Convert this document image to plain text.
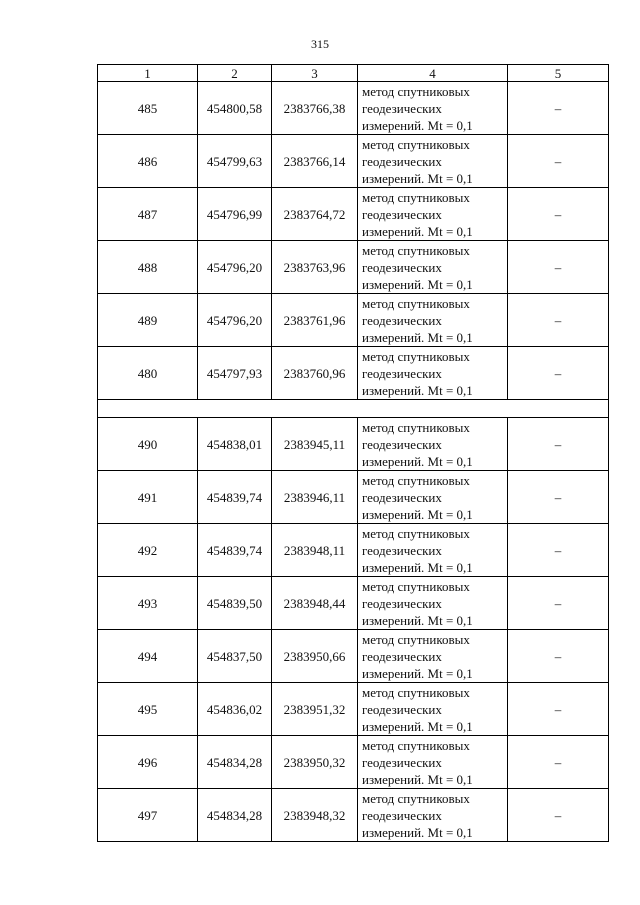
315
1	2	3	4	5
485	454800,58	2383766,38	метод спутниковых
геодезических
измерений. Mt = 0,1	–
486	454799,63	2383766,14	метод спутниковых
геодезических
измерений. Mt = 0,1	–
487	454796,99	2383764,72	метод спутниковых
геодезических
измерений. Mt = 0,1	–
488	454796,20	2383763,96	метод спутниковых
геодезических
измерений. Mt = 0,1	–
489	454796,20	2383761,96	метод спутниковых
геодезических
измерений. Mt = 0,1	–
480	454797,93	2383760,96	метод спутниковых
геодезических
измерений. Mt = 0,1	–

490	454838,01	2383945,11	метод спутниковых
геодезических
измерений. Mt = 0,1	–
491	454839,74	2383946,11	метод спутниковых
геодезических
измерений. Mt = 0,1	–
492	454839,74	2383948,11	метод спутниковых
геодезических
измерений. Mt = 0,1	–
493	454839,50	2383948,44	метод спутниковых
геодезических
измерений. Mt = 0,1	–
494	454837,50	2383950,66	метод спутниковых
геодезических
измерений. Mt = 0,1	–
495	454836,02	2383951,32	метод спутниковых
геодезических
измерений. Mt = 0,1	–
496	454834,28	2383950,32	метод спутниковых
геодезических
измерений. Mt = 0,1	–
497	454834,28	2383948,32	метод спутниковых
геодезических
измерений. Mt = 0,1	–
